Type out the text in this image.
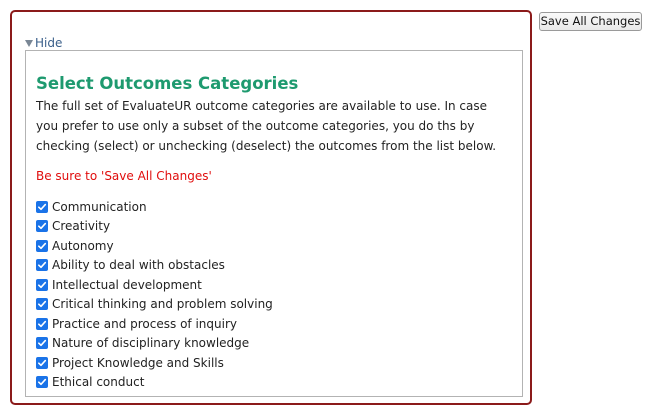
Hide
Select Outcomes Categories

The full set of EvaluateUR outcome categories are available to use. In case you prefer to use only a subset of the outcome categories, you do ths by checking (select) or unchecking (deselect) the outcomes from the list below.

Be sure to 'Save All Changes'

Communication
Creativity
Autonomy
Ability to deal with obstacles
Intellectual development
Critical thinking and problem solving
Practice and process of inquiry
Nature of disciplinary knowledge
Project Knowledge and Skills
Ethical conduct
Save All Changes
